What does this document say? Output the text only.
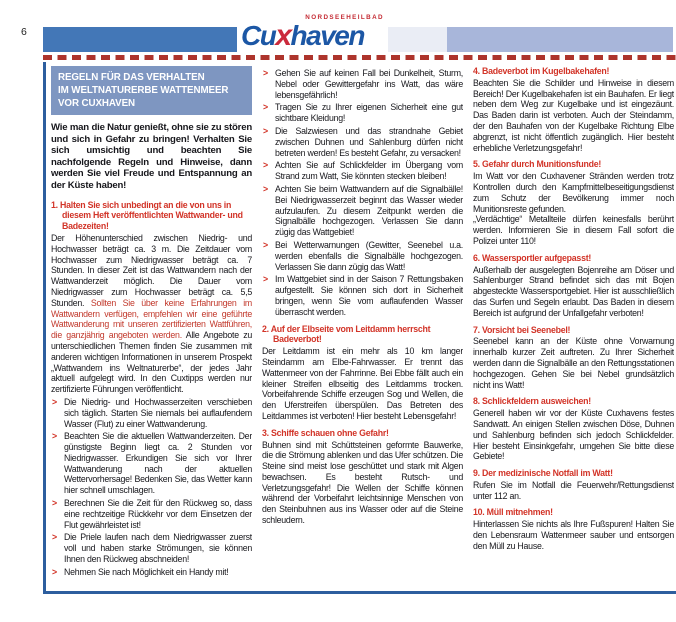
6
NORDSEEHEILBAD
Cuxhaven
REGELN FÜR DAS VERHALTEN
IM WELTNATURERBE WATTENMEER
VOR CUXHAVEN
Wie man die Natur genießt, ohne sie zu stören und sich in Gefahr zu bringen! Verhalten Sie sich umsichtig und beachten Sie nachfolgende Regeln und Hinweise, dann werden Sie viel Freude und Entspannung an der Küste haben!
1. Halten Sie sich unbedingt an die von uns in diesem Heft veröffentlichten Wattwander- und Badezeiten!
Der Höhenunterschied zwischen Niedrig- und Hochwasser beträgt ca. 3 m. Die Zeitdauer vom Hochwasser zum Niedrigwasser beträgt ca. 7 Stunden. In dieser Zeit ist das Wattwandern nach der Wattwanderzeit möglich. Die Dauer vom Niedrigwasser zum Hochwasser beträgt ca. 5,5 Stunden. Sollten Sie über keine Erfahrungen im Wattwandern verfügen, empfehlen wir eine geführte Wattwanderung mit unseren zertifizierten Wattführen, die ganzjährig angeboten werden. Alle Angebote zu unterschiedlichen Themen finden Sie zusammen mit anderen wichtigen Informationen in unserem Prospekt „Wattwandern ins Weltnaturerbe“, der jedes Jahr aktuell aufgelegt wird. In den Cuxtipps werden nur zertifizierte Führungen veröffentlicht.
> Die Niedrig- und Hochwasserzeiten verschieben sich täglich. Starten Sie niemals bei auflaufendem Wasser (Flut) zu einer Wattwanderung.
> Beachten Sie die aktuellen Wattwanderzeiten. Der günstigste Beginn liegt ca. 2 Stunden vor Niedrigwasser. Erkundigen Sie sich vor Ihrer Wattwanderung nach der aktuellen Wettervorhersage! Bedenken Sie, das Wetter kann hier schnell umschlagen.
> Berechnen Sie die Zeit für den Rückweg so, dass eine rechtzeitige Rückkehr vor dem Einsetzen der Flut gewährleistet ist!
> Die Priele laufen nach dem Niedrigwasser zuerst voll und haben starke Strömungen, sie können Ihnen den Rückweg abschneiden!
> Nehmen Sie nach Möglichkeit ein Handy mit!
> Gehen Sie auf keinen Fall bei Dunkelheit, Sturm, Nebel oder Gewittergefahr ins Watt, das wäre lebensgefährlich!
> Tragen Sie zu Ihrer eigenen Sicherheit eine gut sichtbare Kleidung!
> Die Salzwiesen und das strandnahe Gebiet zwischen Duhnen und Sahlenburg dürfen nicht betreten werden! Es besteht Gefahr, zu versacken!
> Achten Sie auf Schlickfelder im Übergang vom Strand zum Watt, Sie könnten stecken bleiben!
> Achten Sie beim Wattwandern auf die Signalbälle! Bei Niedrigwasserzeit beginnt das Wasser wieder aufzulaufen. Zu diesem Zeitpunkt werden die Signalbälle hochgezogen. Verlassen Sie dann zügig das Wattgebiet!
> Bei Wetterwarnungen (Gewitter, Seenebel u.a. werden ebenfalls die Signalbälle hochgezogen. Verlassen Sie dann zügig das Watt!
> Im Wattgebiet sind in der Saison 7 Rettungsbaken aufgestellt. Sie können sich dort in Sicherheit bringen, wenn Sie vom auflaufenden Wasser überrascht werden.
2. Auf der Elbseite vom Leitdamm herrscht Badeverbot!
Der Leitdamm ist ein mehr als 10 km langer Steindamm am Elbe-Fahrwasser. Er trennt das Wattenmeer von der Fahrrinne. Bei Ebbe fällt auch ein kleiner Streifen elbseitig des Leitdamms trocken. Vorbeifahrende Schiffe erzeugen Sog und Wellen, die den Uferstreifen überspülen. Das Betreten des Leitdammes ist verboten! Hier besteht Lebensgefahr!
3. Schiffe schauen ohne Gefahr!
Buhnen sind mit Schüttsteinen geformte Bauwerke, die die Strömung ablenken und das Ufer schützen. Die Steine sind meist lose geschüttet und stark mit Algen bewachsen. Es besteht Rutsch- und Verletzungsgefahr! Die Wellen der Schiffe können während der Vorbeifahrt leichtsinnige Menschen von den Steinbuhnen aus ins Wasser oder auf die Steine schleudern.
4. Badeverbot im Kugelbakehafen!
Beachten Sie die Schilder und Hinweise in diesem Bereich! Der Kugelbakehafen ist ein Bauhafen. Er liegt neben dem Weg zur Kugelbake und ist eingezäunt. Das Baden darin ist verboten. Auch der Steindamm, der den Bauhafen von der Kugelbake Richtung Elbe abgrenzt, ist nicht öffentlich zugänglich. Hier besteht erhebliche Verletzungsgefahr!
5. Gefahr durch Munitionsfunde!
Im Watt vor den Cuxhavener Stränden werden trotz Kontrollen durch den Kampfmittelbeseitigungsdienst zum Schutz der Bevölkerung immer noch Munitionsreste gefunden.
„Verdächtige“ Metallteile dürfen keinesfalls berührt werden. Informieren Sie in diesem Fall sofort die Polizei unter 110!
6. Wassersportler aufgepasst!
Außerhalb der ausgelegten Bojenreihe am Döser und Sahlenburger Strand befindet sich das mit Bojen abgesteckte Wassersportgebiet. Hier ist ausschließlich das Surfen und Segeln erlaubt. Das Baden in diesem Bereich ist aufgrund der Unfallgefahr verboten!
7. Vorsicht bei Seenebel!
Seenebel kann an der Küste ohne Vorwarnung innerhalb kurzer Zeit auftreten. Zu Ihrer Sicherheit werden dann die Signalbälle an den Rettungsstationen hochgezogen. Gehen Sie bei Nebel grundsätzlich nicht ins Watt!
8. Schlickfeldern ausweichen!
Generell haben wir vor der Küste Cuxhavens festes Sandwatt. An einigen Stellen zwischen Döse, Duhnen und Sahlenburg befinden sich jedoch Schlickfelder. Hier besteht Einsinkgefahr, umgehen Sie bitte diese Gebiete!
9. Der medizinische Notfall im Watt!
Rufen Sie im Notfall die Feuerwehr/Rettungsdienst unter 112 an.
10. Müll mitnehmen!
Hinterlassen Sie nichts als Ihre Fußspuren! Halten Sie den Lebensraum Wattenmeer sauber und entsorgen den Müll zu Hause.
